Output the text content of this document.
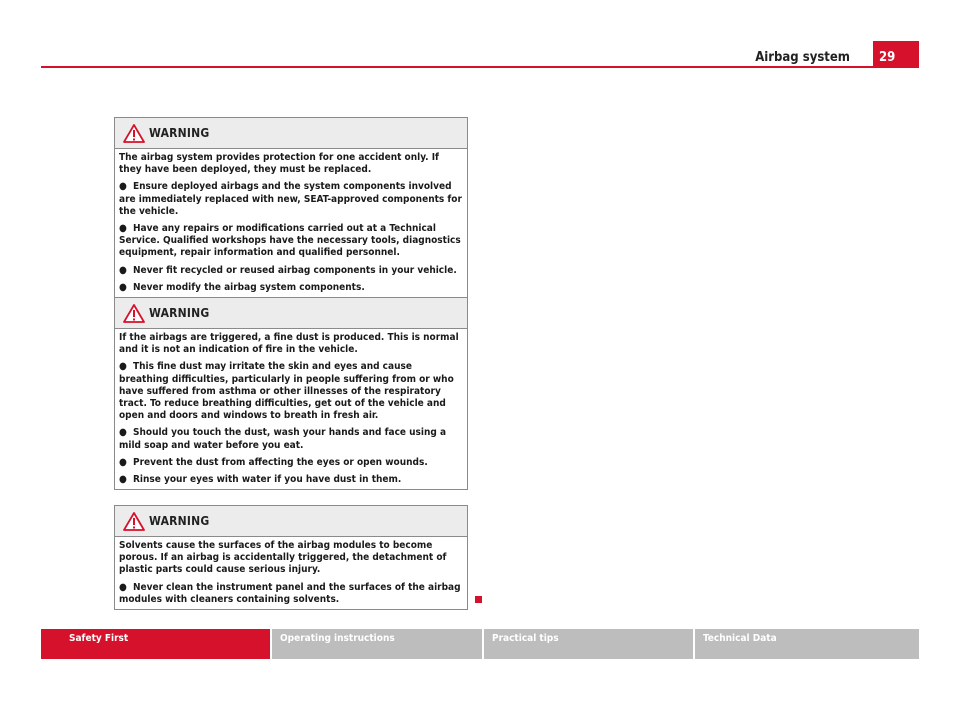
Airbag system	29
WARNING

The airbag system provides protection for one accident only. If they have been deployed, they must be replaced.

● Ensure deployed airbags and the system components involved are immediately replaced with new, SEAT-approved components for the vehicle.

● Have any repairs or modifications carried out at a Technical Service. Qualified workshops have the necessary tools, diagnostics equipment, repair information and qualified personnel.

● Never fit recycled or reused airbag components in your vehicle.

● Never modify the airbag system components.

WARNING

If the airbags are triggered, a fine dust is produced. This is normal and it is not an indication of fire in the vehicle.

● This fine dust may irritate the skin and eyes and cause breathing difficulties, particularly in people suffering from or who have suffered from asthma or other illnesses of the respiratory tract. To reduce breathing difficulties, get out of the vehicle and open and doors and windows to breath in fresh air.

● Should you touch the dust, wash your hands and face using a mild soap and water before you eat.

● Prevent the dust from affecting the eyes or open wounds.

● Rinse your eyes with water if you have dust in them.

WARNING

Solvents cause the surfaces of the airbag modules to become porous. If an airbag is accidentally triggered, the detachment of plastic parts could cause serious injury.

● Never clean the instrument panel and the surfaces of the airbag modules with cleaners containing solvents.

Safety First	Operating instructions	Practical tips	Technical Data
